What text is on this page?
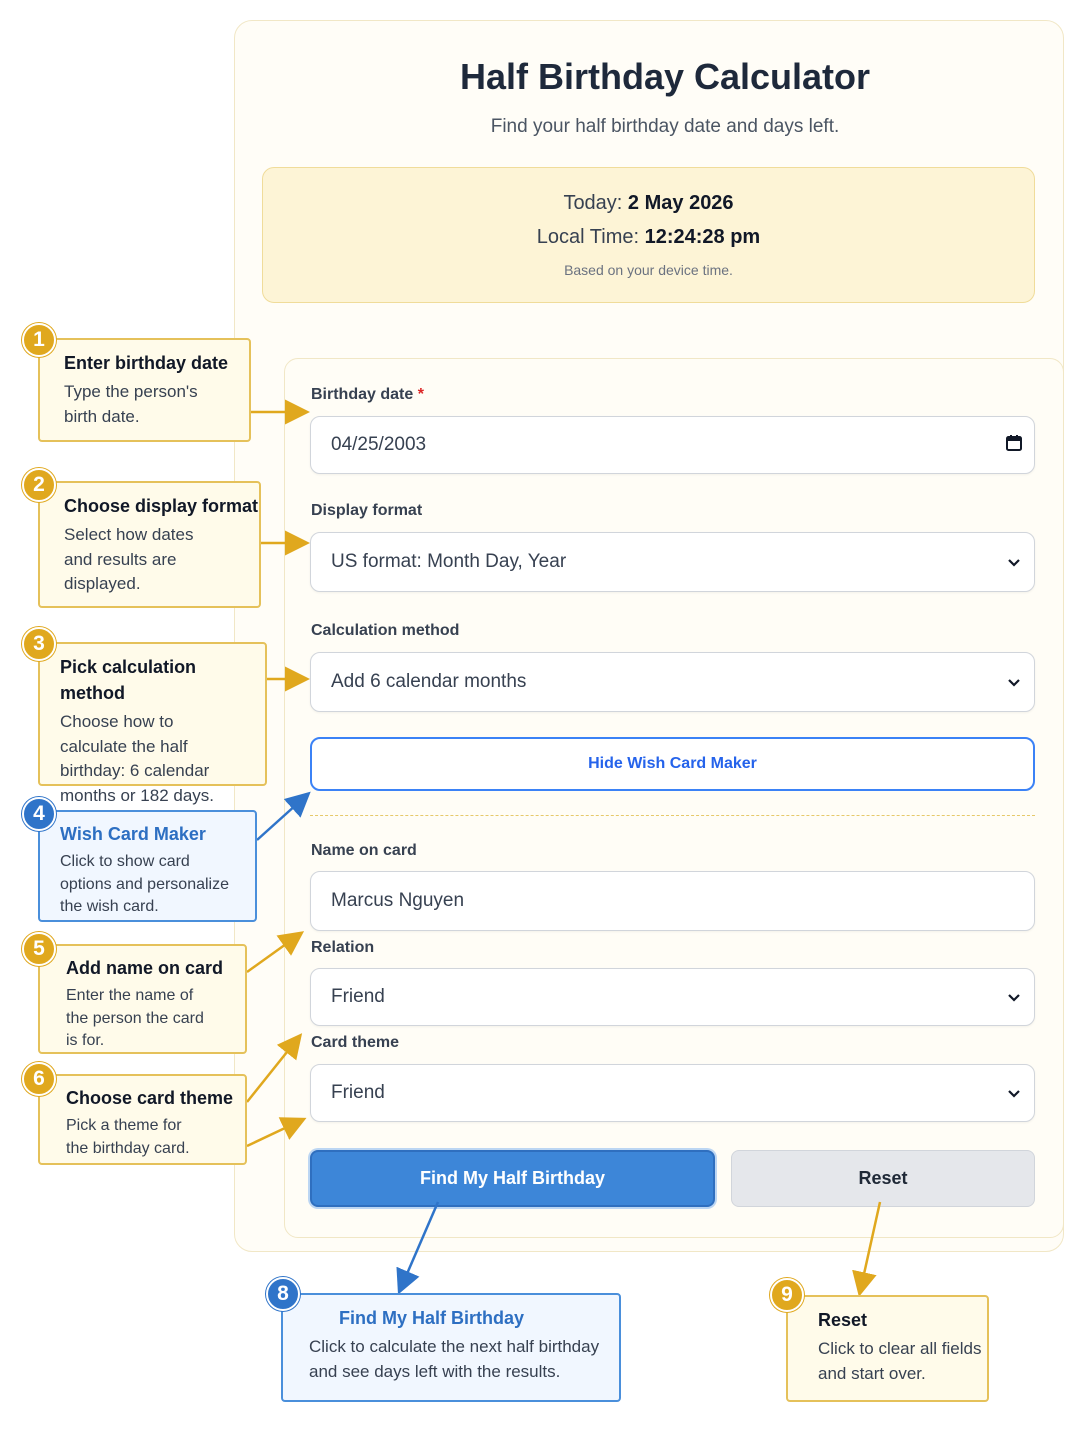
Half Birthday Calculator
Find your half birthday date and days left.
Today: 2 May 2026
Local Time: 12:24:28 pm
Based on your device time.
Birthday date *
04/25/2003
Display format
US format: Month Day, Year
Calculation method
Add 6 calendar months
Hide Wish Card Maker
Name on card
Marcus Nguyen
Relation
Friend
Card theme
Friend
Find My Half Birthday	Reset
Enter birthday date
Type the person's
birth date.
1
Choose display format
Select how dates
and results are
displayed.
2
Pick calculation method
Choose how to
calculate the half
birthday: 6 calendar
months or 182 days.
3
Wish Card Maker
Click to show card
options and personalize
the wish card.
4
Add name on card
Enter the name of
the person the card
is for.
5
Choose card theme
Pick a theme for
the birthday card.
6
Find My Half Birthday
Click to calculate the next half birthday
and see days left with the results.
8
Reset
Click to clear all fields
and start over.
9
